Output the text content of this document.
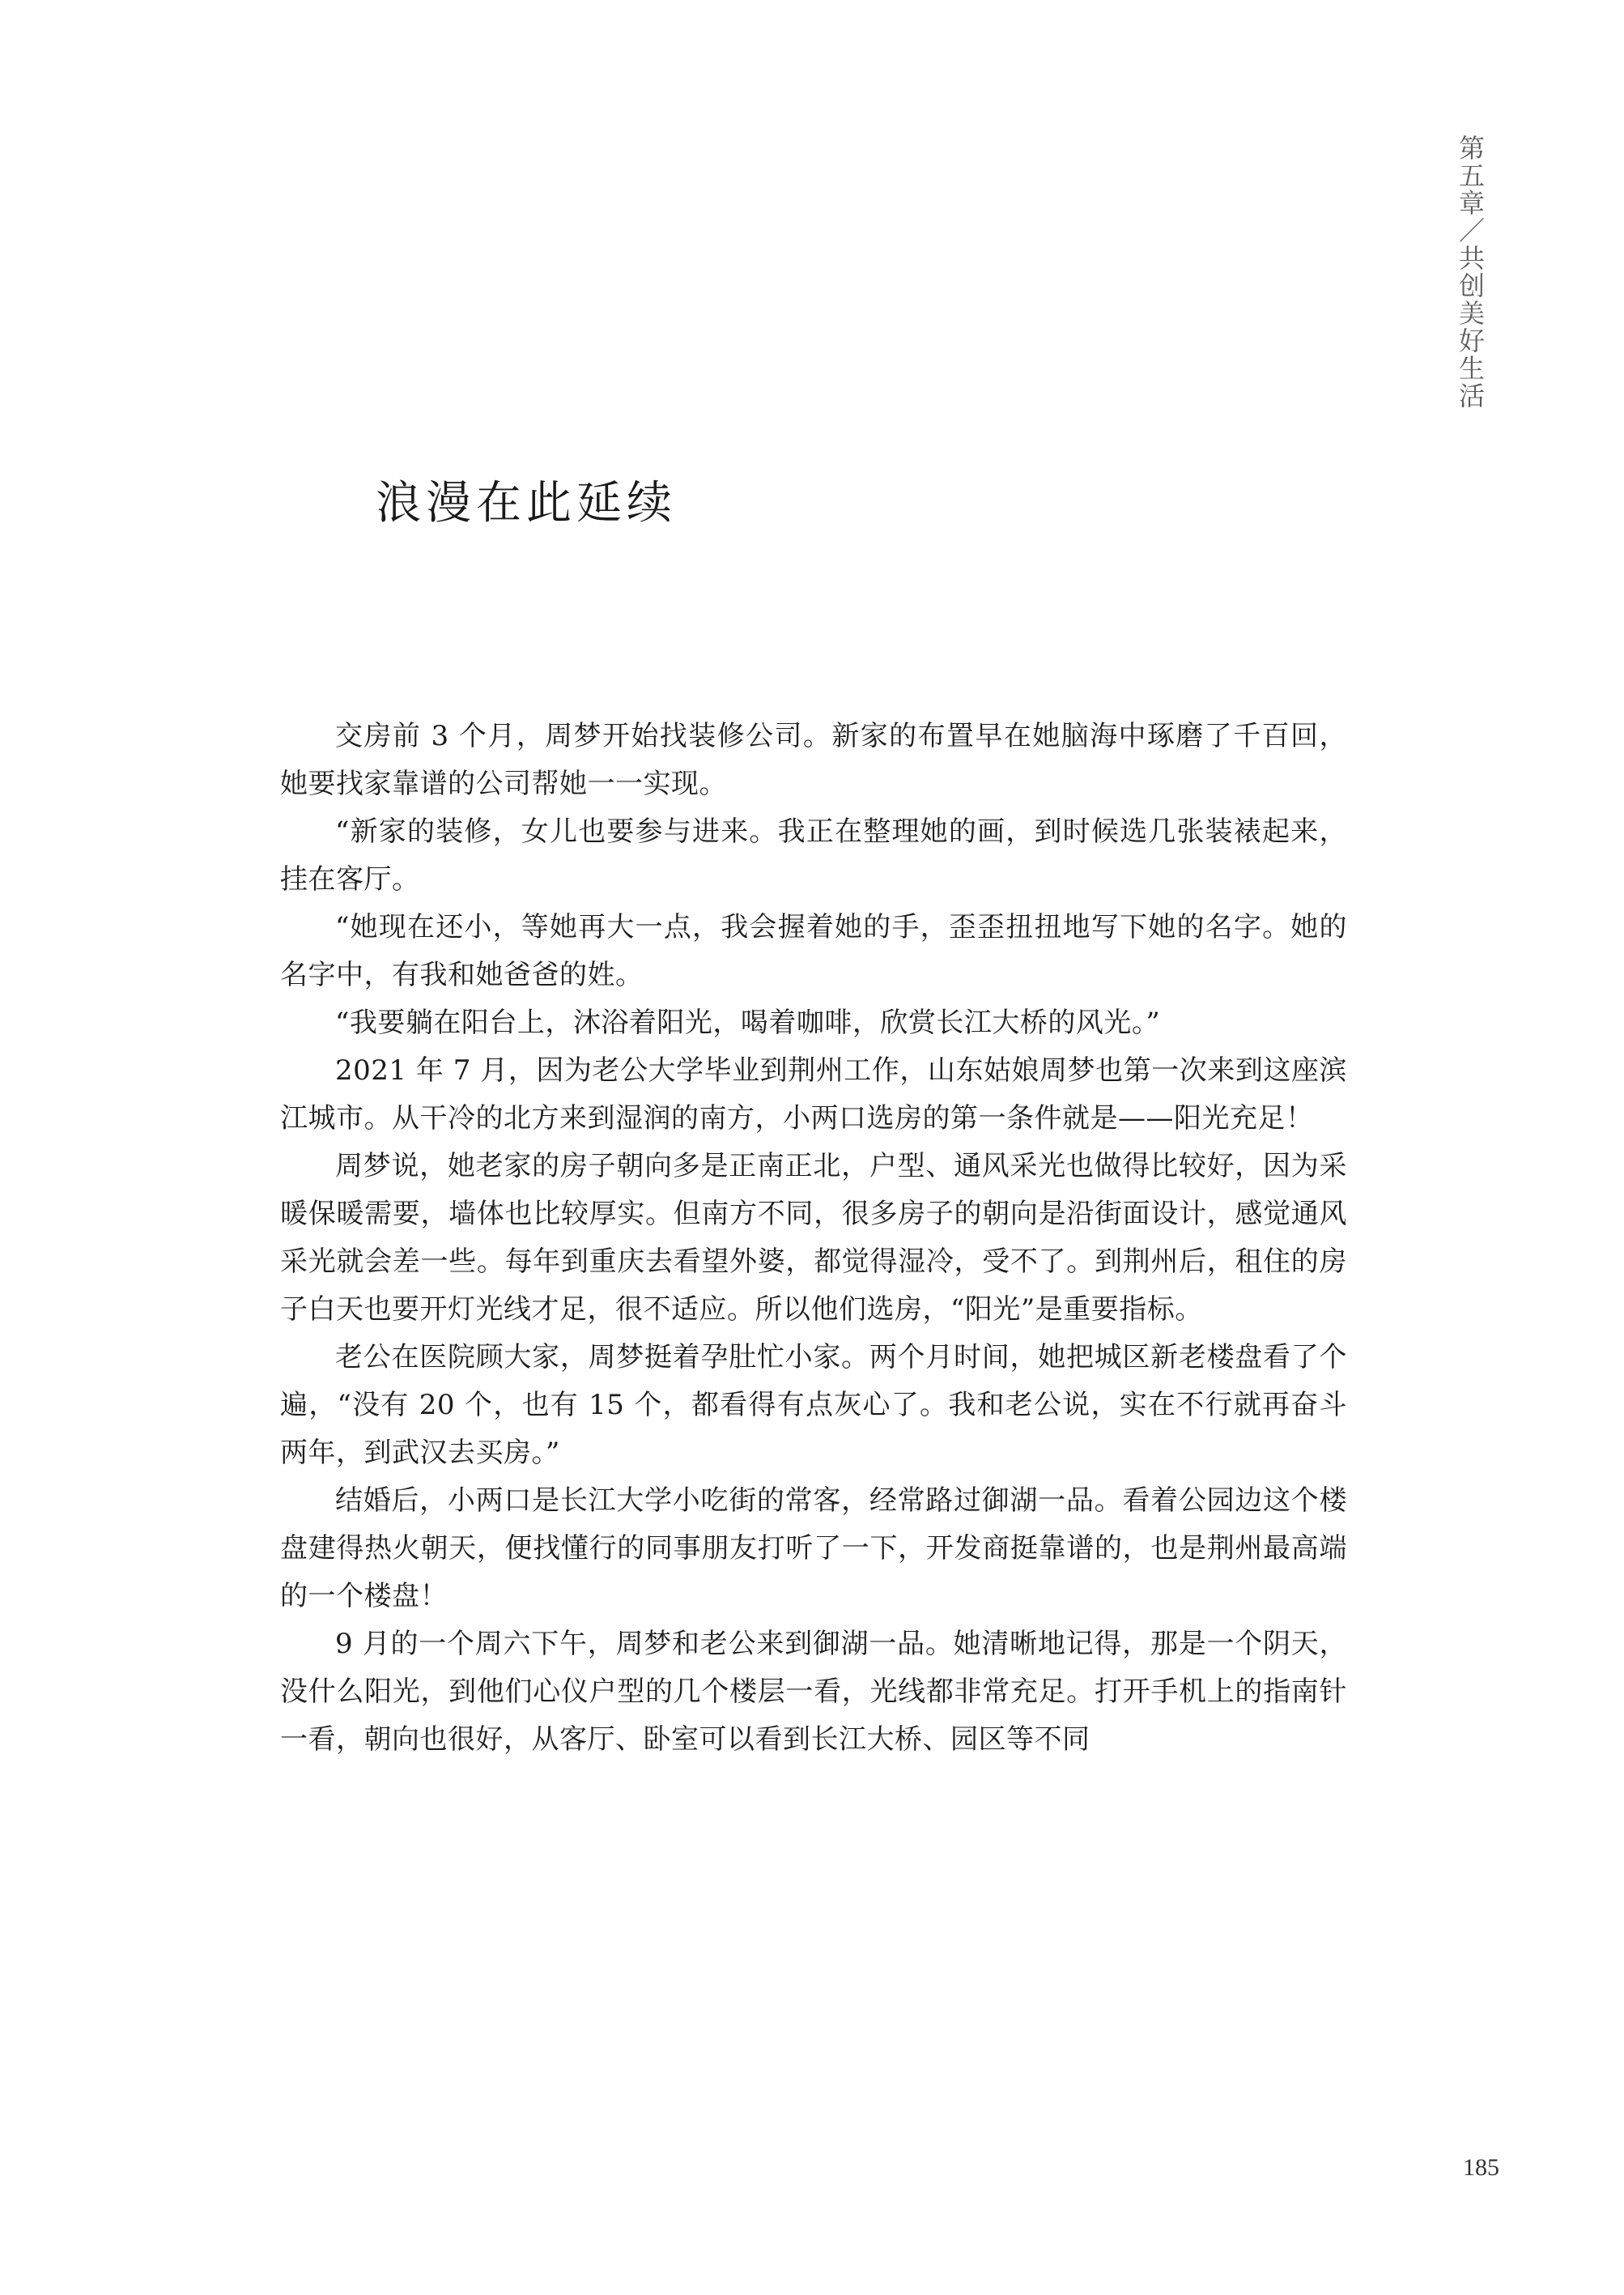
第五章／共创美好生活
浪漫在此延续

交房前 3 个月，周梦开始找装修公司。新家的布置早在她脑海中琢磨了千百回，她要找家靠谱的公司帮她一一实现。

“新家的装修，女儿也要参与进来。我正在整理她的画，到时候选几张装裱起来，挂在客厅。

“她现在还小，等她再大一点，我会握着她的手，歪歪扭扭地写下她的名字。她的名字中，有我和她爸爸的姓。

“我要躺在阳台上，沐浴着阳光，喝着咖啡，欣赏长江大桥的风光。”

2021 年 7 月，因为老公大学毕业到荆州工作，山东姑娘周梦也第一次来到这座滨江城市。从干冷的北方来到湿润的南方，小两口选房的第一条件就是——阳光充足！

周梦说，她老家的房子朝向多是正南正北，户型、通风采光也做得比较好，因为采暖保暖需要，墙体也比较厚实。但南方不同，很多房子的朝向是沿街面设计，感觉通风采光就会差一些。每年到重庆去看望外婆，都觉得湿冷，受不了。到荆州后，租住的房子白天也要开灯光线才足，很不适应。所以他们选房，“阳光”是重要指标。

老公在医院顾大家，周梦挺着孕肚忙小家。两个月时间，她把城区新老楼盘看了个遍，“没有 20 个，也有 15 个，都看得有点灰心了。我和老公说，实在不行就再奋斗两年，到武汉去买房。”

结婚后，小两口是长江大学小吃街的常客，经常路过御湖一品。看着公园边这个楼盘建得热火朝天，便找懂行的同事朋友打听了一下，开发商挺靠谱的，也是荆州最高端的一个楼盘！

9 月的一个周六下午，周梦和老公来到御湖一品。她清晰地记得，那是一个阴天，没什么阳光，到他们心仪户型的几个楼层一看，光线都非常充足。打开手机上的指南针一看，朝向也很好，从客厅、卧室可以看到长江大桥、园区等不同

185
